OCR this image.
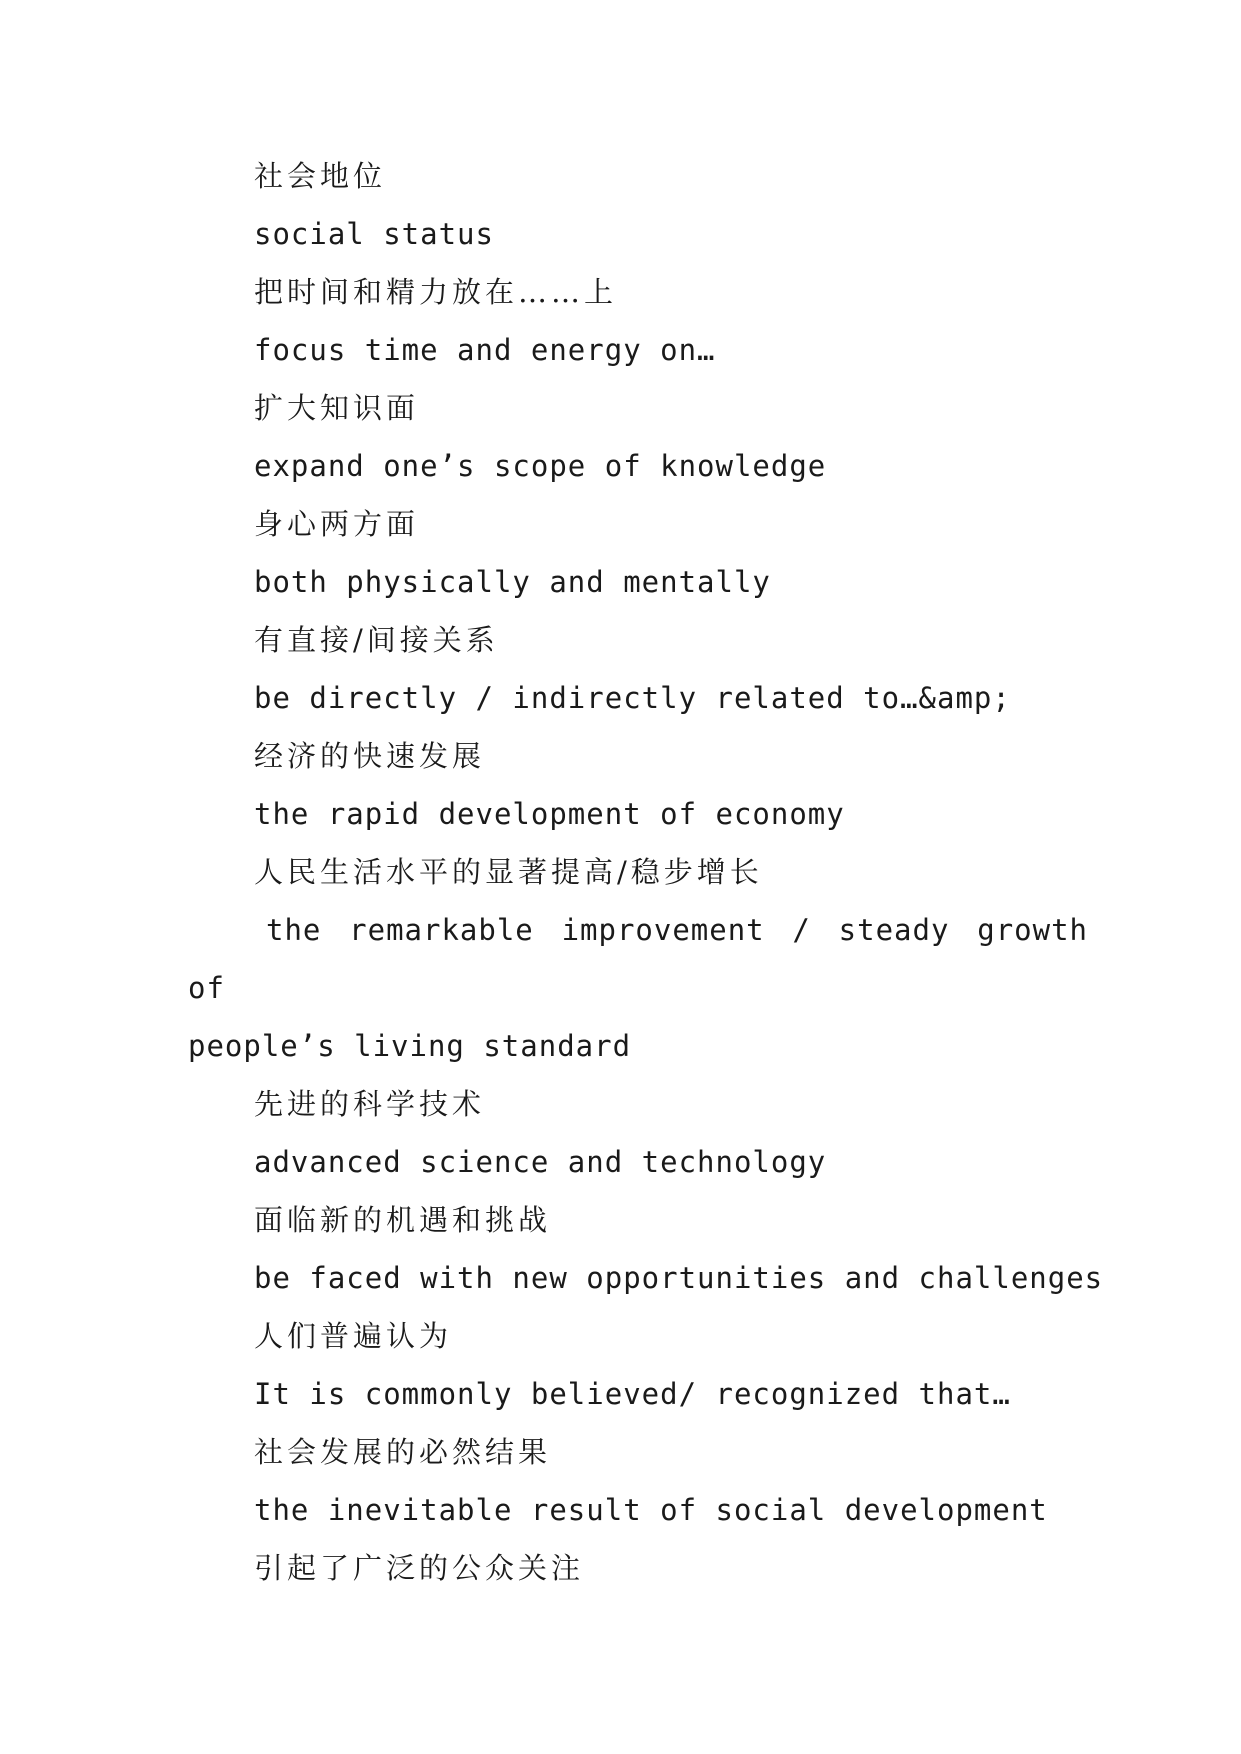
社会地位
social status
把时间和精力放在……上
focus time and energy on…
扩大知识面
expand one’s scope of knowledge
身心两方面
both physically and mentally
有直接/间接关系
be directly / indirectly related to…&amp;
经济的快速发展
the rapid development of economy
人民生活水平的显著提高/稳步增长
the remarkable improvement / steady growth of
people’s living standard
先进的科学技术
advanced science and technology
面临新的机遇和挑战
be faced with new opportunities and challenges
人们普遍认为
It is commonly believed/ recognized that…
社会发展的必然结果
the inevitable result of social development
引起了广泛的公众关注
